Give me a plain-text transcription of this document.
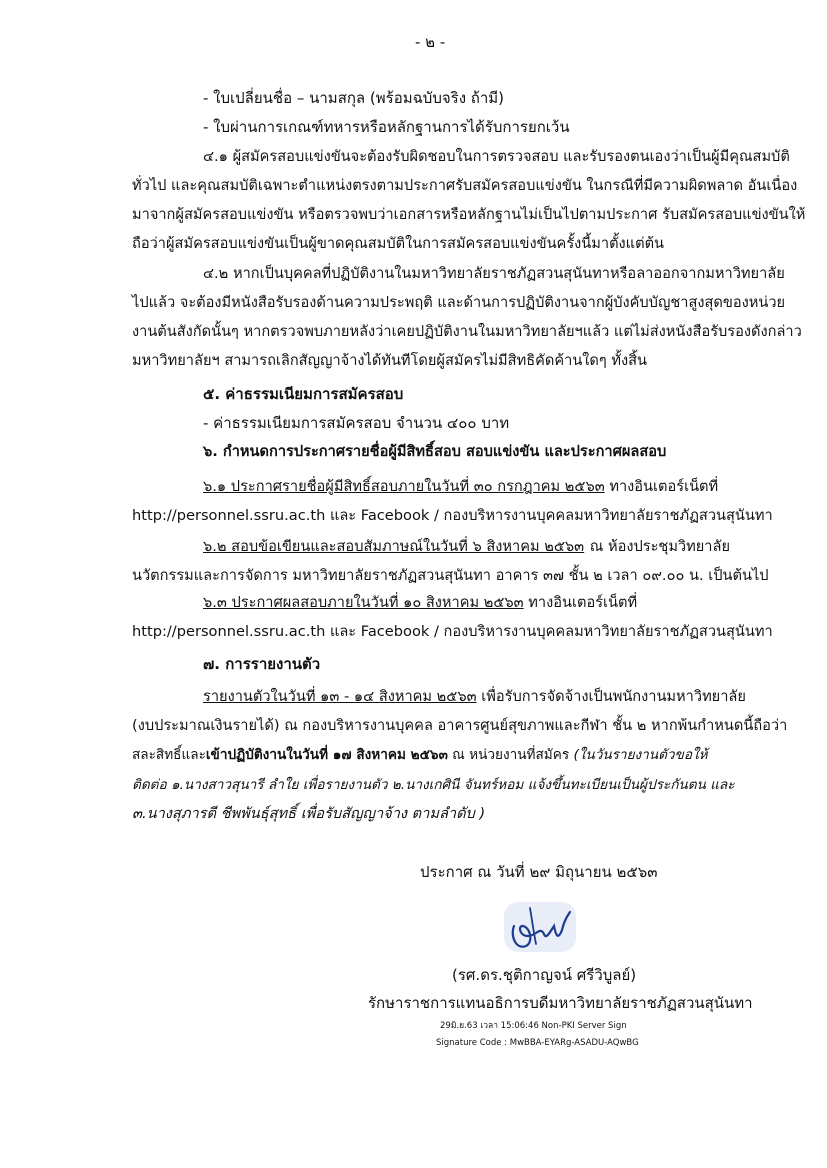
- ๒ -
- ใบเปลี่ยนชื่อ – นามสกุล (พร้อมฉบับจริง ถ้ามี)
- ใบผ่านการเกณฑ์ทหารหรือหลักฐานการได้รับการยกเว้น
๔.๑ ผู้สมัครสอบแข่งขันจะต้องรับผิดชอบในการตรวจสอบ และรับรองตนเองว่าเป็นผู้มีคุณสมบัติ
ทั่วไป และคุณสมบัติเฉพาะตำแหน่งตรงตามประกาศรับสมัครสอบแข่งขัน ในกรณีที่มีความผิดพลาด อันเนื่อง
มาจากผู้สมัครสอบแข่งขัน หรือตรวจพบว่าเอกสารหรือหลักฐานไม่เป็นไปตามประกาศ รับสมัครสอบแข่งขันให้
ถือว่าผู้สมัครสอบแข่งขันเป็นผู้ขาดคุณสมบัติในการสมัครสอบแข่งขันครั้งนี้มาตั้งแต่ต้น
๔.๒ หากเป็นบุคคลที่ปฏิบัติงานในมหาวิทยาลัยราชภัฏสวนสุนันทาหรือลาออกจากมหาวิทยาลัย
ไปแล้ว จะต้องมีหนังสือรับรองด้านความประพฤติ และด้านการปฏิบัติงานจากผู้บังคับบัญชาสูงสุดของหน่วย
งานต้นสังกัดนั้นๆ หากตรวจพบภายหลังว่าเคยปฏิบัติงานในมหาวิทยาลัยฯแล้ว แต่ไม่ส่งหนังสือรับรองดังกล่าว
มหาวิทยาลัยฯ สามารถเลิกสัญญาจ้างได้ทันทีโดยผู้สมัครไม่มีสิทธิคัดค้านใดๆ ทั้งสิ้น
๕. ค่าธรรมเนียมการสมัครสอบ
- ค่าธรรมเนียมการสมัครสอบ จำนวน ๔๐๐ บาท
๖. กำหนดการประกาศรายชื่อผู้มีสิทธิ์สอบ สอบแข่งขัน และประกาศผลสอบ
๖.๑ ประกาศรายชื่อผู้มีสิทธิ์สอบภายในวันที่ ๓๐ กรกฎาคม ๒๕๖๓ ทางอินเตอร์เน็ตที่
http://personnel.ssru.ac.th และ Facebook / กองบริหารงานบุคคลมหาวิทยาลัยราชภัฏสวนสุนันทา
๖.๒ สอบข้อเขียนและสอบสัมภาษณ์ในวันที่ ๖ สิงหาคม ๒๕๖๓ ณ ห้องประชุมวิทยาลัย
นวัตกรรมและการจัดการ มหาวิทยาลัยราชภัฏสวนสุนันทา อาคาร ๓๗ ชั้น ๒ เวลา ๐๙.๐๐ น. เป็นต้นไป
๖.๓ ประกาศผลสอบภายในวันที่ ๑๐ สิงหาคม ๒๕๖๓ ทางอินเตอร์เน็ตที่
http://personnel.ssru.ac.th และ Facebook / กองบริหารงานบุคคลมหาวิทยาลัยราชภัฏสวนสุนันทา
๗. การรายงานตัว
รายงานตัวในวันที่ ๑๓ - ๑๔ สิงหาคม ๒๕๖๓ เพื่อรับการจัดจ้างเป็นพนักงานมหาวิทยาลัย
(งบประมาณเงินรายได้) ณ กองบริหารงานบุคคล อาคารศูนย์สุขภาพและกีฬา ชั้น ๒ หากพ้นกำหนดนี้ถือว่า
สละสิทธิ์และเข้าปฏิบัติงานในวันที่ ๑๗ สิงหาคม ๒๕๖๓ ณ หน่วยงานที่สมัคร (ในวันรายงานตัวขอให้
ติดต่อ ๑.นางสาวสุนารี ลำใย เพื่อรายงานตัว ๒.นางเกศินี จันทร์หอม แจ้งขึ้นทะเบียนเป็นผู้ประกันตน และ
๓.นางสุภารตี ชีพพันธุ์สุทธิ์ เพื่อรับสัญญาจ้าง ตามลำดับ )
ประกาศ ณ วันที่ ๒๙ มิถุนายน ๒๕๖๓
(รศ.ดร.ชุติกาญจน์ ศรีวิบูลย์)
รักษาราชการแทนอธิการบดีมหาวิทยาลัยราชภัฏสวนสุนันทา
29มิ.ย.63 เวลา 15:06:46 Non-PKI Server Sign
Signature Code : MwBBA-EYARg-ASADU-AQwBG
